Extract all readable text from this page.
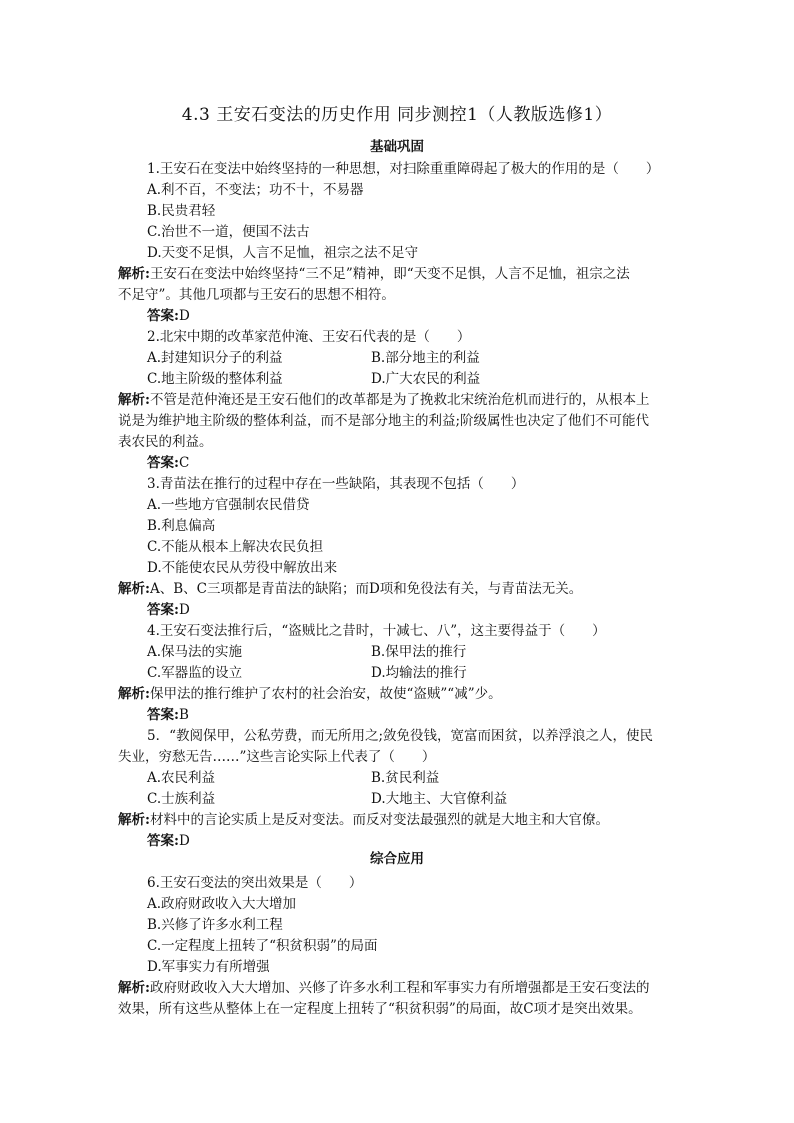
4.3 王安石变法的历史作用 同步测控1（人教版选修1）
基础巩固
1.王安石在变法中始终坚持的一种思想，对扫除重重障碍起了极大的作用的是（　　）
A.利不百，不变法；功不十，不易器
B.民贵君轻
C.治世不一道，便国不法古
D.天变不足惧，人言不足恤，祖宗之法不足守
解析:王安石在变法中始终坚持“三不足”精神，即“天变不足惧，人言不足恤，祖宗之法
不足守”。其他几项都与王安石的思想不相符。
答案:D
2.北宋中期的改革家范仲淹、王安石代表的是（　　）
A.封建知识分子的利益	B.部分地主的利益
C.地主阶级的整体利益	D.广大农民的利益
解析:不管是范仲淹还是王安石他们的改革都是为了挽救北宋统治危机而进行的，从根本上
说是为维护地主阶级的整体利益，而不是部分地主的利益;阶级属性也决定了他们不可能代
表农民的利益。
答案:C
3.青苗法在推行的过程中存在一些缺陷，其表现不包括（　　）
A.一些地方官强制农民借贷
B.利息偏高
C.不能从根本上解决农民负担
D.不能使农民从劳役中解放出来
解析:A、B、C三项都是青苗法的缺陷；而D项和免役法有关，与青苗法无关。
答案:D
4.王安石变法推行后，“盗贼比之昔时，十减七、八”，这主要得益于（　　）
A.保马法的实施	B.保甲法的推行
C.军器监的设立	D.均输法的推行
解析:保甲法的推行维护了农村的社会治安，故使“盗贼”“减”少。
答案:B
5．“教阅保甲，公私劳费，而无所用之;敛免役钱，宽富而困贫，以养浮浪之人，使民
失业，穷愁无告……”这些言论实际上代表了（　　）
A.农民利益	B.贫民利益
C.士族利益	D.大地主、大官僚利益
解析:材料中的言论实质上是反对变法。而反对变法最强烈的就是大地主和大官僚。
答案:D
综合应用
6.王安石变法的突出效果是（　　）
A.政府财政收入大大增加
B.兴修了许多水利工程
C.一定程度上扭转了“积贫积弱”的局面
D.军事实力有所增强
解析:政府财政收入大大增加、兴修了许多水利工程和军事实力有所增强都是王安石变法的
效果，所有这些从整体上在一定程度上扭转了“积贫积弱”的局面，故C项才是突出效果。
